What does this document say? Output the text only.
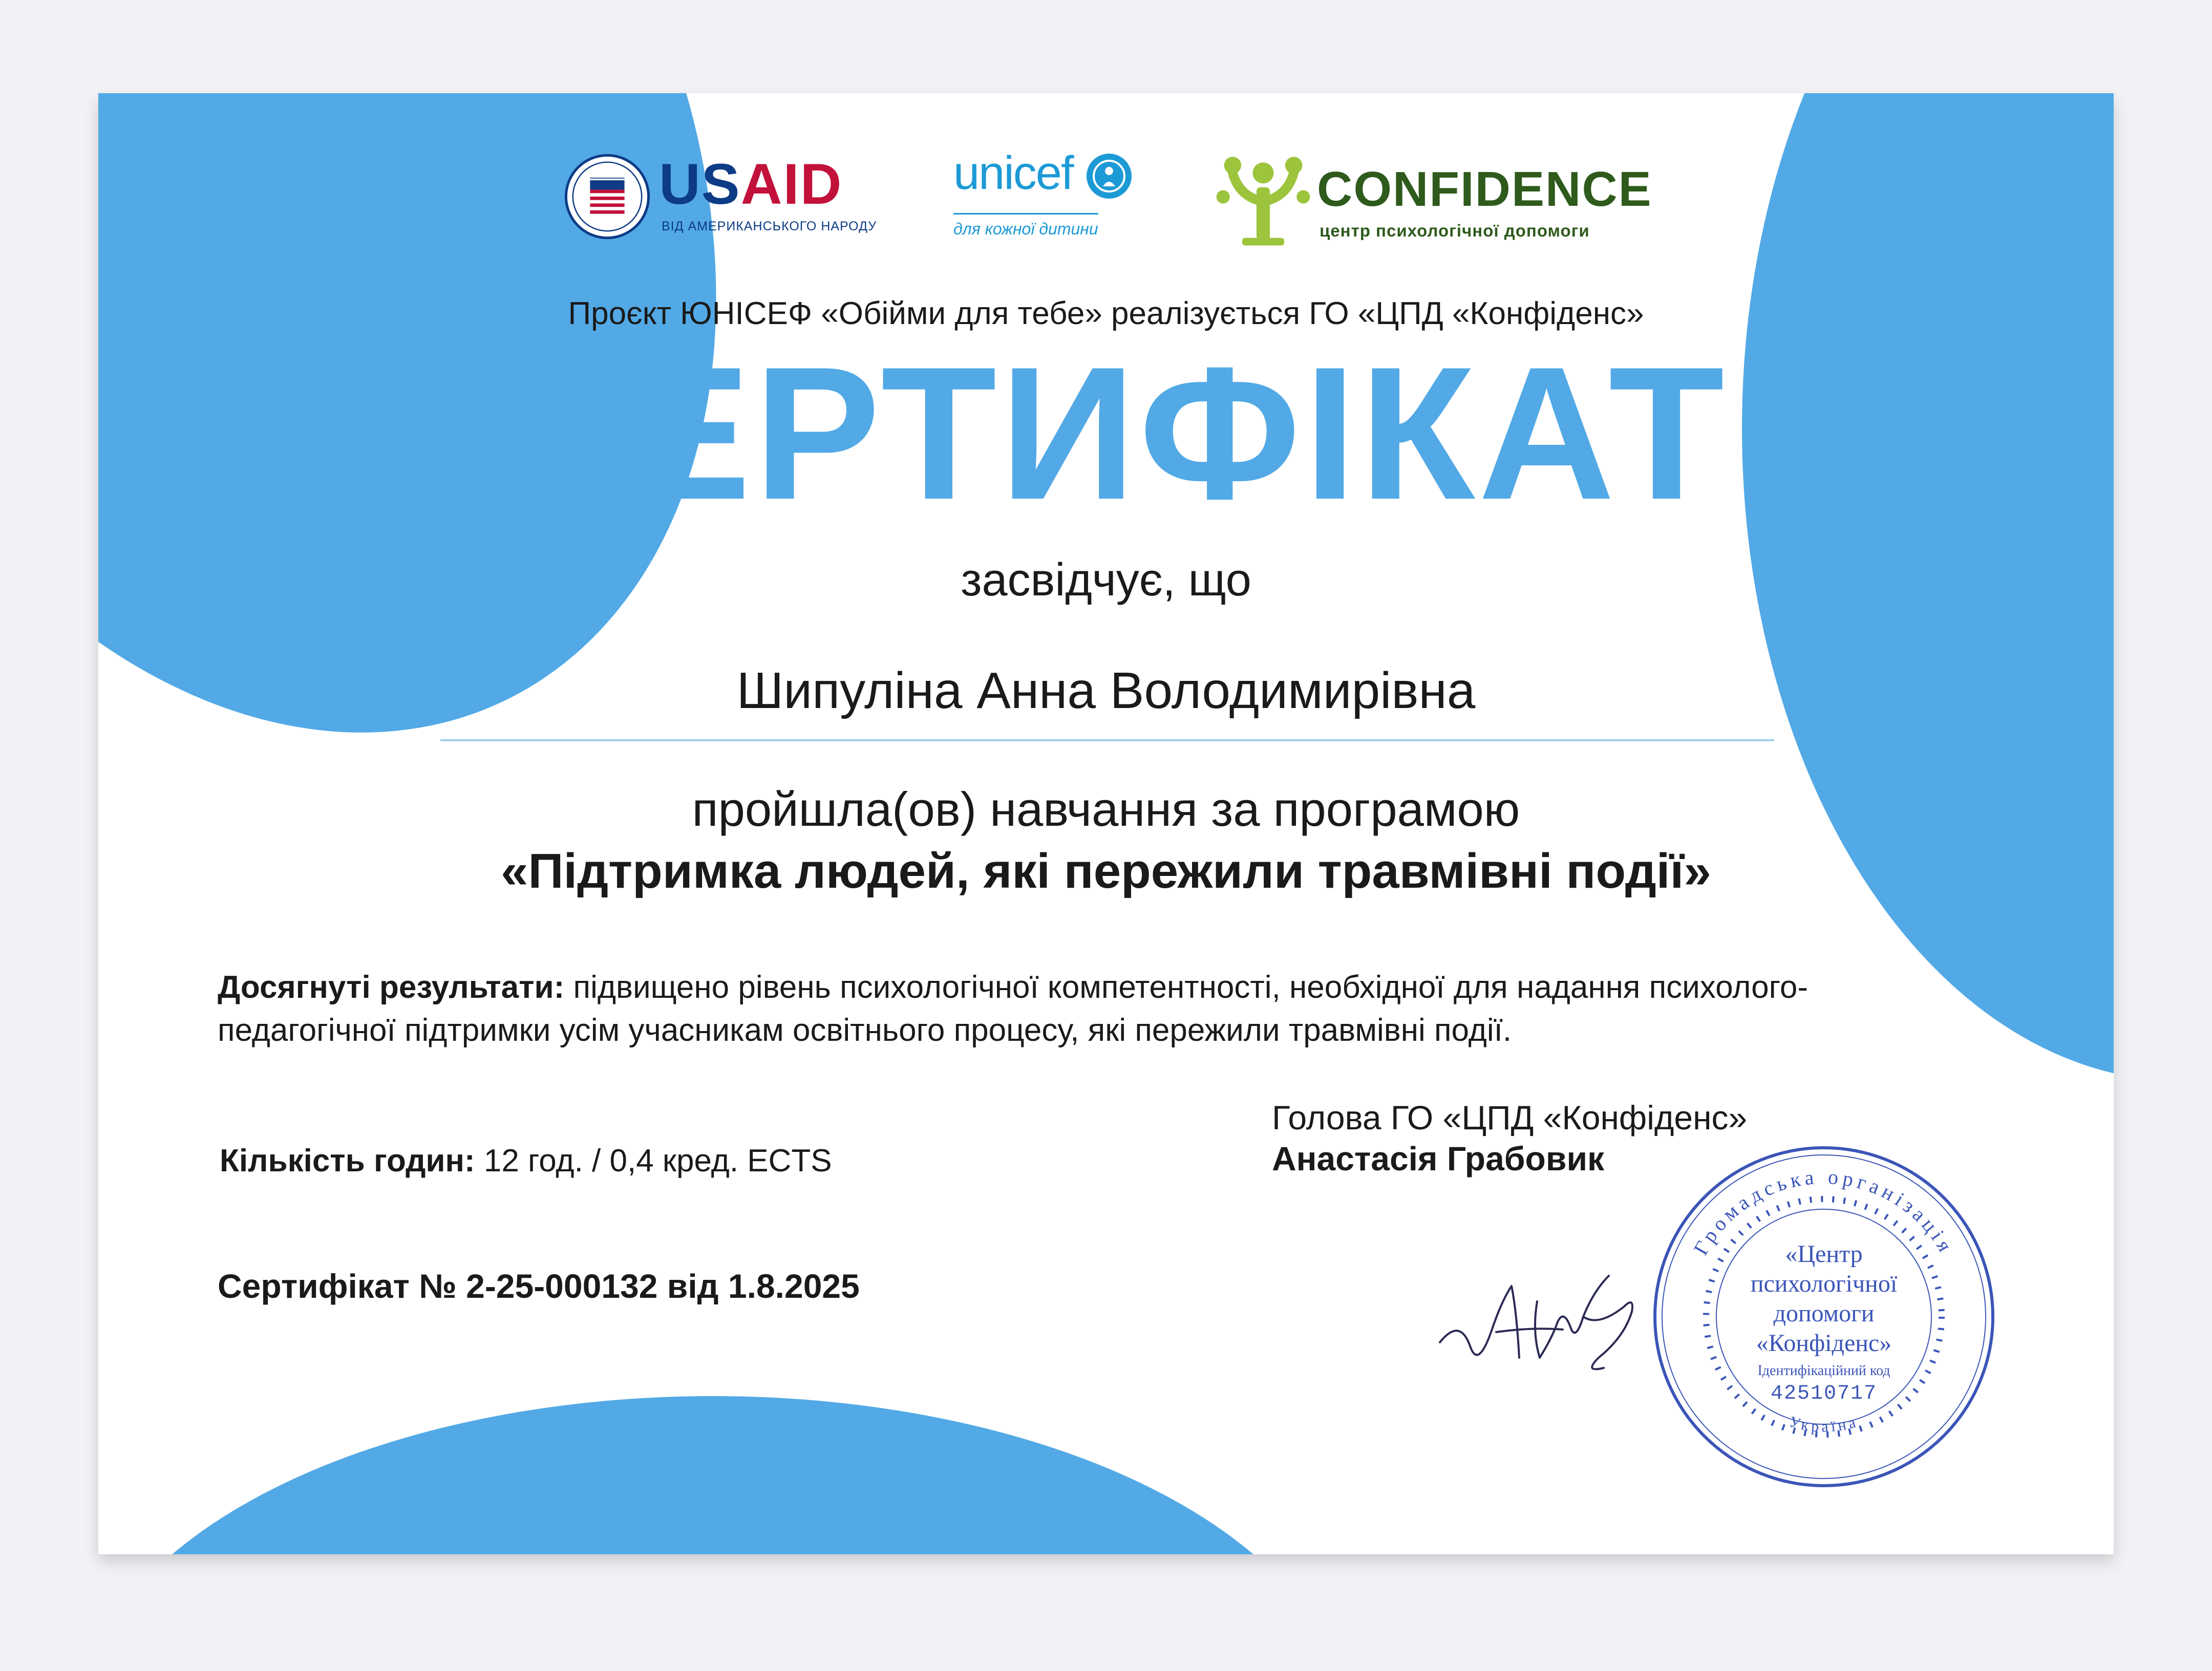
USAID
ВІД АМЕРИКАНСЬКОГО НАРОДУ
unicef
для кожної дитини
CONFIDENCE
центр психологічної допомоги
Проєкт ЮНІСЕФ «Обійми для тебе» реалізується ГО «ЦПД «Конфіденс»
СЕРТИФІКАТ
засвідчує, що
Шипуліна Анна Володимирівна
пройшла(ов) навчання за програмою
«Підтримка людей, які пережили травмівні події»
Досягнуті результати: підвищено рівень психологічної компетентності, необхідної для надання психолого-педагогічної підтримки усім учасникам освітнього процесу, які пережили травмівні події.
Кількість годин: 12 год. / 0,4 кред. ECTS
Сертифікат № 2-25-000132 від 1.8.2025
Голова ГО «ЦПД «Конфіденс»
Анастасія Грабовик
Громадська організація
Україна
«Центр
психологічної
допомоги
«Конфіденс»
Ідентифікаційний код
42510717
